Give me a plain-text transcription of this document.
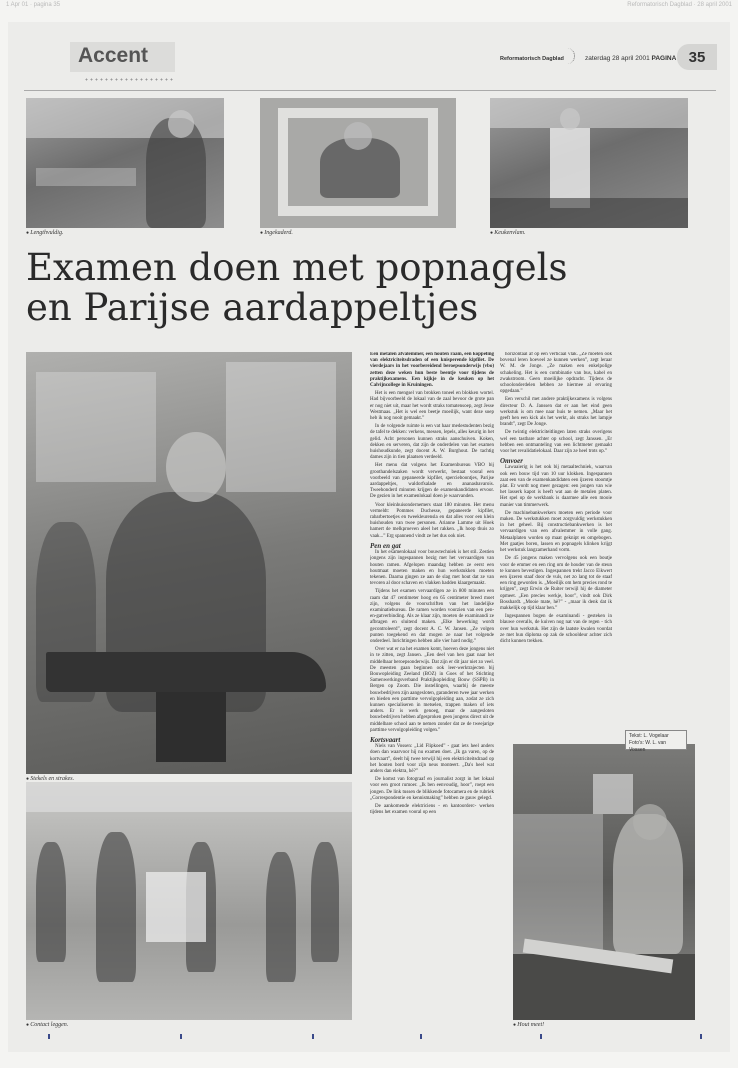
1 Apr 01 · pagina 35	Reformatorisch Dagblad · 28 april 2001
Accent	Reformatorisch Dagblad	zaterdag 28 april 2001 PAGINA 35
● Lengthvuldig.	● Ingekaderd.	● Keukenvlam.
Examen doen met popnagels
en Parijse aardappeltjes
● Stekels en strakes.
● Contact leggen.	● Hout meet!

Een metalen afvalemmer, een houten raam, een koppeling van elektriciteitsdraden of een knisperende kipfilet. De vierdejaars in het voorbereidend beroepsonderwijs (vbo) zetten deze weken hun beste beentje voor tijdens de praktijkexamens. Een kijkje in de keuken op het Calvijncollege in Kruiningen.

Het is een mengsel van brokken toneel en blokken wortel. Had bijvoorbeeld de lokaal van de zaal bevoor de grote pan er nog niet uit, maar het wordt straks tomatensoep, zegt Jesse Westmaas. „Het is wel een beetje moeilijk, want deze soep heb ik nog nooit gemaakt.”

In de volgende ruimte is een vat haar medestudenten bezig de tafel te dekken: verkens, messen, lepels, alles keurig in het gelid. Acht personen kunnen straks aanschuiven. Koken, dekken en serveren, dat zijn de onderdelen van het examen huishoudkunde, zegt docent A. W. Burghout. De tachtig dames zijn in tien plaatsen verdeeld.

Het menu dat volgens het Examenbureau VBO bij groothandelszaken wordt verwerkt, bestaat vooral een voorbeeld van gepaneerde kipfilet, spercieboontjes, Parijse aardappeltjes, waldorfsalade en ananasbavarois. Tweehonderd minuten krijgen de examenkandidaten ervoor. De gezien in het examenlokaal doen je waarvanden.

Voor kleinhuisondernemers staat 180 minuten. Het menu vermeldt: Pommes Duchesse, gepaneerde kipfilet, rabarbertoetjes en tweekleurensla en dat alles voor een klein huishouden van twee personen. Arianne Lamme uit Hoek hamert de melkproeven aleel het rakken. „Ik hoop thuis zo vaak...” Erg spannend vindt ze het dus ook niet.

Pen en gat

In het examenlokaal voor bouwtechniek is het stil. Zestien jongens zijn ingespannen bezig met het vervaardigen van houten ramen. Afgelopen maandag hebben ze eerst een houtmaat moeten maken en hun werkstukken moeten tekenen. Daarna gingen ze aan de slag met hout dat ze van tevoren al door schaven en vlakken hadden klaargemaakt.

Tijdens het examen vervaardigen ze in 800 minuten een raam dat 47 centimeter hoog en 65 centimeter breed moet zijn, volgens de voorschriften van het landelijke examinatiebureau. De ramen worden voorzien van een pen-en-gatverbinding. Als ze klaar zijn, moeten de examinandi ze afbragen en sluitend maken. „Elke bewerking wordt gecontroleerd”, zegt docent A. C. W. Jansen. „Ze volgen punten toegekend en dat mogen ze naar het volgende onderdeel. Inrichtingen hebben alle vier hard nodig.”

Over wat er na het examen komt, hoeven deze jongens niet in te zitten, zegt Jansen. „Een deel van hen gaat naar het middelbaar beroepsonderwijs. Dat zijn er dit jaar niet zo veel. De meesten gaan beginnen ook leer-werktrajecten bij Bouwopleiding Zeeland (BOZ) in Goes of het Stichting Samenwerkingsverband Praktijkopleiding Bouw (SSPB) in Bergen op Zoom. Die instellingen, waarbij de meeste bouwbedrijven zijn aangesloten, garanderen twee jaar werken en bieden een parttime vervolgopleiding aan, zodat ze zich kunnen specialiseren in metselen, trappen maken of iets anders. Er is werk genoeg, maar de aangesloten bouwbedrijven hebben afgesproken geen jongens direct uit de middelbare school aan te nemen zonder dat ze de tweejarige parttime vervolgopleiding volgen.”

Kortsvaart

Niels van Vossen: „Lid Flipkoed” - gaat iets heel anders doen dan waarvoor hij nu examen doet. „Ik ga varen, op de kortvaart”, deelt hij twee terwijl hij een elektriciteitsdraad op het houten bord voor zijn neus monteert. „Da's heel wat anders dan elektra, hè?”

De komst van fotograaf en journalist zorgt in het lokaal voor een groot rumoer. „Ik ben eenvoudig, hoor”, roept een jongen. De link tussen de blikkende fotocamera en de rubriek „Correspondentie en kennismaking” hebben ze gauw gelegd.

De aankomende elektriciens - en kantoorderc- werken tijdens het examen vooral op een

horizontaal af op een verticaal vlak. „Ze moeten ook bovenal leren hoeveel ze kunnen werken”, zegt leraar W. M. de Jonge. „Ze maken een enkelpolige schakeling. Het is een combinatie van bus, kabel en zwakstroom. Geen moeilijke opdracht. Tijdens de schoolonderdelen hebben ze hiermee al ervaring opgedaan.”

Een verschil met andere praktijkexamens is volgens directeur D. A. Janssen dat er aan het eind geen werkstuk is om mee naar huis te nemen. „Maar het geeft hen een kick als het werkt, als straks het lampje brandt”, zegt De Jonge.

De twintig elektriciteitlingen laten straks overigens wel een tastbare achter op school, zegt Janssen. „Er hebben een ontmanteling van een lichtmeter gemaakt voor het revalidatielokaal. Daar zijn ze heel trots op.”

Omvoer

Lawaaierig is het ook bij metaaltechniek, waarvan ook een bouw tijd van 10 uur klokken. Ingespannen zaat een van de examenkandidaten een ijzeren stoomtje plat. Er wordt nog meer gezagen: een jongen van wie het lasserk kapot is heeft wat aan de metalen platen. Het spel op de werkbank is daarmee alle een mooie manier van timmerwerk.

De machinebankwerkers moeten een periode voor maken. De werkstukken moet zorgvuldig werkstukken in het geheel. Bij constructiebankwerken is het vervaardigen van een afvalemmer in volle gang. Metaalplaten worden op maat geknipt en omgebogen. Met gaatjes boren, lassen en popnagels klinken krijgt het werkstuk langzamerhand vorm.

De 45 jongens maken vervolgens ook een boutje voor de emmer en een ring om de houder van de steun te kunnen bevestigen. Ingespannen trekt Jacco Eikwert een ijzeren staaf door de vuls, net zo lang tot de staaf een ring geworden is. „Moeilijk om hem precies rond te krijgen”, zegt Erwin de Ruiter terwijl hij de diameter opmeet. „Een precies werkje, hoor”, vindt ook Dirk Bosshardt. „Mooie mate, hè?” - „maar ik denk dat ik makkelijk op tijd klaar ben.”

Ingespannen bogen de examinandi - gesteken in blauwe overalls, de kuiven nog nat van de regen - tich over hun werkstuk. Het zijn de laatste kwalen voordat ze met hun diploma op zak de schooldeur achter zich dicht kunnen trekken.

Tekst: L. Vogelaar
Foto's: W. L. van Vossen
